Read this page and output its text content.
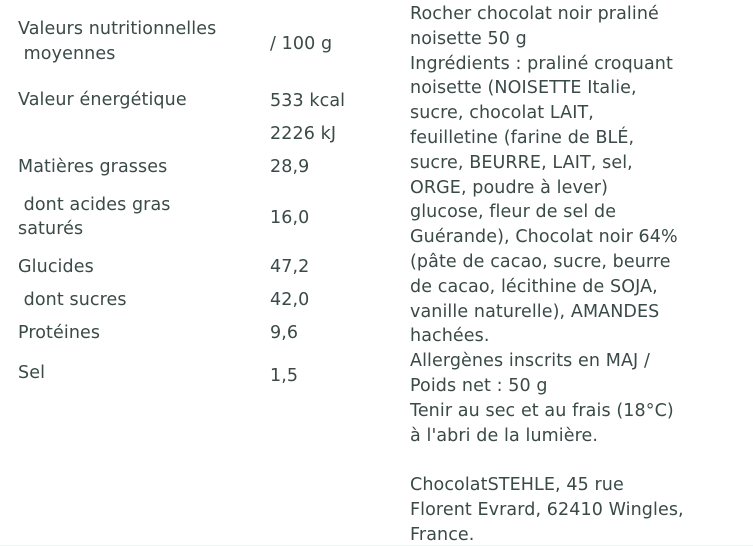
Valeurs nutritionnelles
moyennes	/ 100 g
Valeur énergétique	533 kcal
2226 kJ
Matières grasses	28,9
dont acides gras
saturés
16,0
Glucides	47,2
dont sucres	42,0
Protéines	9,6
Sel	1,5
Rocher chocolat noir praliné
noisette 50 g
Ingrédients : praliné croquant
noisette (NOISETTE Italie,
sucre, chocolat LAIT,
feuilletine (farine de BLÉ,
sucre, BEURRE, LAIT, sel,
ORGE, poudre à lever)
glucose, fleur de sel de
Guérande), Chocolat noir 64%
(pâte de cacao, sucre, beurre
de cacao, lécithine de SOJA,
vanille naturelle), AMANDES
hachées.
Allergènes inscrits en MAJ /
Poids net : 50 g
Tenir au sec et au frais (18°C)
à l'abri de la lumière.
ChocolatSTEHLE, 45 rue
Florent Evrard, 62410 Wingles,
France.
